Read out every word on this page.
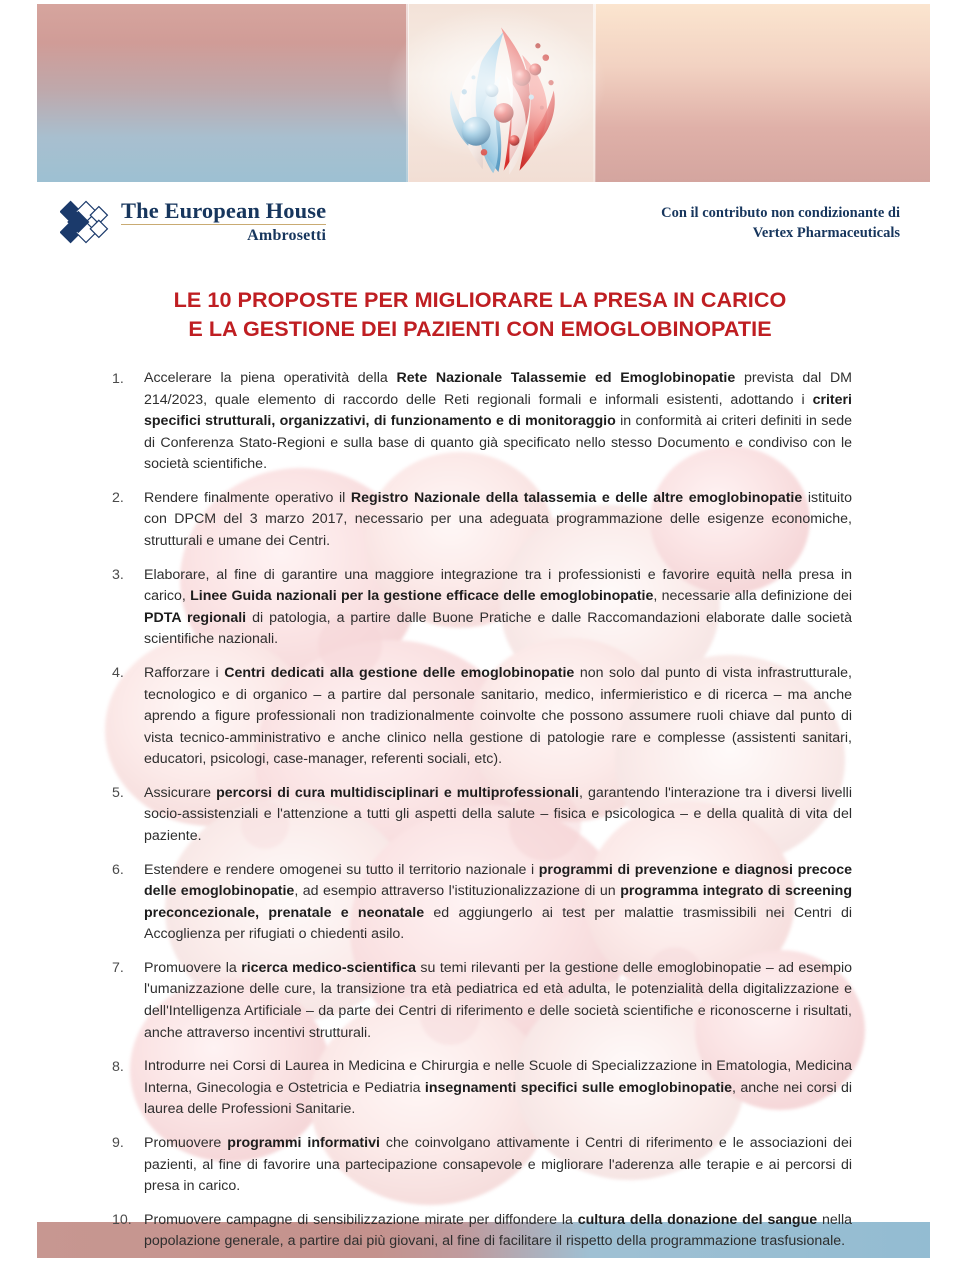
The European House
Ambrosetti
Con il contributo non condizionante di
Vertex Pharmaceuticals
LE 10 PROPOSTE PER MIGLIORARE LA PRESA IN CARICO
E LA GESTIONE DEI PAZIENTI CON EMOGLOBINOPATIE
1.	Accelerare la piena operatività della Rete Nazionale Talassemie ed Emoglobinopatie prevista dal DM 214/2023, quale elemento di raccordo delle Reti regionali formali e informali esistenti, adottando i criteri specifici strutturali, organizzativi, di funzionamento e di monitoraggio in conformità ai criteri definiti in sede di Conferenza Stato-Regioni e sulla base di quanto già specificato nello stesso Documento e condiviso con le società scientifiche.
2.	Rendere finalmente operativo il Registro Nazionale della talassemia e delle altre emoglobinopatie istituito con DPCM del 3 marzo 2017, necessario per una adeguata programmazione delle esigenze economiche, strutturali e umane dei Centri.
3.	Elaborare, al fine di garantire una maggiore integrazione tra i professionisti e favorire equità nella presa in carico, Linee Guida nazionali per la gestione efficace delle emoglobinopatie, necessarie alla definizione dei PDTA regionali di patologia, a partire dalle Buone Pratiche e dalle Raccomandazioni elaborate dalle società scientifiche nazionali.
4.	Rafforzare i Centri dedicati alla gestione delle emoglobinopatie non solo dal punto di vista infrastrutturale, tecnologico e di organico – a partire dal personale sanitario, medico, infermieristico e di ricerca – ma anche aprendo a figure professionali non tradizionalmente coinvolte che possono assumere ruoli chiave dal punto di vista tecnico-amministrativo e anche clinico nella gestione di patologie rare e complesse (assistenti sanitari, educatori, psicologi, case-manager, referenti sociali, etc).
5.	Assicurare percorsi di cura multidisciplinari e multiprofessionali, garantendo l'interazione tra i diversi livelli socio-assistenziali e l'attenzione a tutti gli aspetti della salute – fisica e psicologica – e della qualità di vita del paziente.
6.	Estendere e rendere omogenei su tutto il territorio nazionale i programmi di prevenzione e diagnosi precoce delle emoglobinopatie, ad esempio attraverso l'istituzionalizzazione di un programma integrato di screening preconcezionale, prenatale e neonatale ed aggiungerlo ai test per malattie trasmissibili nei Centri di Accoglienza per rifugiati o chiedenti asilo.
7.	Promuovere la ricerca medico-scientifica su temi rilevanti per la gestione delle emoglobinopatie – ad esempio l'umanizzazione delle cure, la transizione tra età pediatrica ed età adulta, le potenzialità della digitalizzazione e dell'Intelligenza Artificiale – da parte dei Centri di riferimento e delle società scientifiche e riconoscerne i risultati, anche attraverso incentivi strutturali.
8.	Introdurre nei Corsi di Laurea in Medicina e Chirurgia e nelle Scuole di Specializzazione in Ematologia, Medicina Interna, Ginecologia e Ostetricia e Pediatria insegnamenti specifici sulle emoglobinopatie, anche nei corsi di laurea delle Professioni Sanitarie.
9.	Promuovere programmi informativi che coinvolgano attivamente i Centri di riferimento e le associazioni dei pazienti, al fine di favorire una partecipazione consapevole e migliorare l'aderenza alle terapie e ai percorsi di presa in carico.
10. Promuovere campagne di sensibilizzazione mirate per diffondere la cultura della donazione del sangue nella popolazione generale, a partire dai più giovani, al fine di facilitare il rispetto della programmazione trasfusionale.
